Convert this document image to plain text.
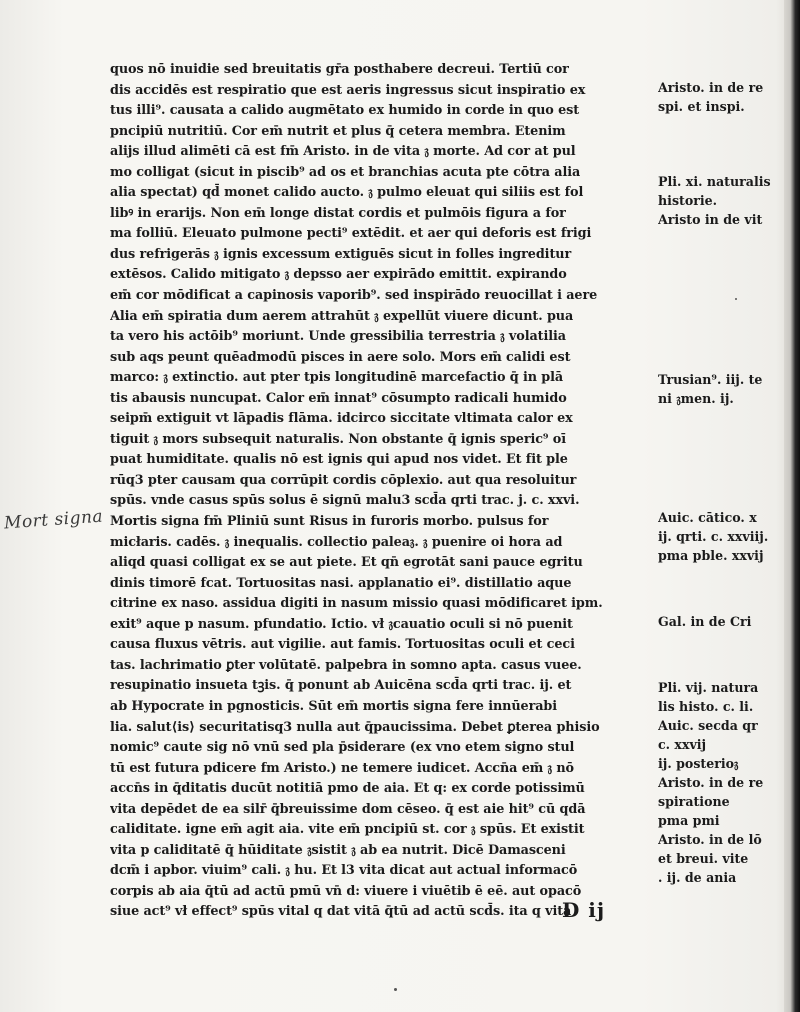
Mort signa
quos nō inuidie sed breuitatis gr̄a posthabere decreui. Tertiū cor
dis accidēs est respiratio que est aeris ingressus sicut inspiratio ex
tus illi⁹. causata a calido augmētato ex humido in corde in quo est
pncipiū nutritiū. Cor em̄ nutrit et plus q̄ cetera membra. Etenim
alijs illud alimēti cā est fm̄ Aristo. in de vita 𝔷 morte. Ad cor at pul
mo colligat (sicut in piscib⁹ ad os et branchias acuta pte cōtra alia
alia spectat) qd̄ monet calido aucto. 𝔷 pulmo eleuat qui siliis est fol
libꝰ in erarijs. Non em̄ longe distat cordis et pulmōis figura a for
ma folliū. Eleuato pulmone pecti⁹ extēdit. et aer qui deforis est frigi
dus refrigerās 𝔷 ignis excessum extiguēs sicut in folles ingreditur
extēsos. Calido mitigato 𝔷 depsso aer expirādo emittit. expirando
em̄ cor mōdificat a capinosis vaporib⁹. sed inspirādo reuocillat i aere
Alia em̄ spiratia dum aerem attrahūt 𝔷 expellūt viuere dicunt. pua
ta vero his actōib⁹ moriunt. Unde gressibilia terrestria 𝔷 volatilia
sub aqs peunt quēadmodū pisces in aere solo. Mors em̄ calidi est
marco: 𝔷 extinctio. aut pter tpis longitudinē marcefactio q̄ in plā
tis abausis nuncupat. Calor em̄ innat⁹ cōsumpto radicali humido
seipm̄ extiguit vt lāpadis flāma. idcirco siccitate vltimata calor ex
tiguit 𝔷 mors subsequit naturalis. Non obstante q̄ ignis speric⁹ oī
puat humiditate. qualis nō est ignis qui apud nos videt. Et fit ple
rūq3 pter causam qua corrūpit cordis cōplexio. aut qua resoluitur
spūs. vnde casus spūs solus ē signū malu3 scd̄a qrti trac. j. c. xxvi.
Mortis signa fm̄ Pliniū sunt Risus in furoris morbo. pulsus for
micłaris. cadēs. 𝔷 inequalis. collectio palea𝔷. 𝔷 puenire oi hora ad
aliqd quasi colligat ex se aut piete. Et qn̄ egrotāt sani pauce egritu
dinis timorē fcat. Tortuositas nasi. applanatio ei⁹. distillatio aque
citrine ex naso. assidua digiti in nasum missio quasi mōdificaret ipm.
exit⁹ aque p nasum. pfundatio. Ictio. vł 𝔷cauatio oculi si nō puenit
causa fluxus vētris. aut vigilie. aut famis. Tortuositas oculi et ceci
tas. lachrimatio ꝑter volūtatē. palpebra in somno apta. casus vuee.
resupinatio insueta tꝫis. q̄ ponunt ab Auicēna scd̄a qrti trac. ij. et
ab Hypocrate in pgnosticis. Sūt em̄ mortis signa fere innūerabi
lia. salut⟨is⟩ securitatisq3 nulla aut q̄paucissima. Debet ꝑterea phisio
nomic⁹ caute sig nō vnū sed pla p̄siderare (ex vno etem signo stul
tū est futura pdicere fm Aristo.) ne temere iudicet. Accn̄a em̄ 𝔷 nō
accn̄s in q̄ditatis ducūt notitiā pmo de aia. Et q: ex corde potissimū
vita depēdet de ea silr̄ q̄breuissime dom cēseo. q̄ est aie hit⁹ cū qdā
caliditate. igne em̄ agit aia. vite em̄ pncipiū st. cor 𝔷 spūs. Et existit
vita p caliditatē q̄ hūiditate 𝔷sistit 𝔷 ab ea nutrit. Dicē Damasceni
dcm̄ i apbor. viuim⁹ cali. 𝔷 hu. Et l3 vita dicat aut actual informacō
corpis ab aia q̄tū ad actū pmū vn̄ d: viuere i viuētib ē eē. aut opacō
siue act⁹ vł effect⁹ spūs vital q dat vitā q̄tū ad actū scd̄s. ita q vita
D ij
Aristo. in de re
spi. et inspi.
Pli. xi. naturalis
historie.
Aristo in de vit
Trusian⁹. iij. te
ni 𝔷men. ij.
Auic. cātico. x
ij. qrti. c. xxviij.
pma pble. xxvij
Gal. in de Cri
Pli. vij. natura
lis histo. c. li.
Auic. secda qr
c. xxvij
ij. posterio𝔷
Aristo. in de re
spiratione
pma pmi
Aristo. in de lō
et breui. vite
. ij. de ania
